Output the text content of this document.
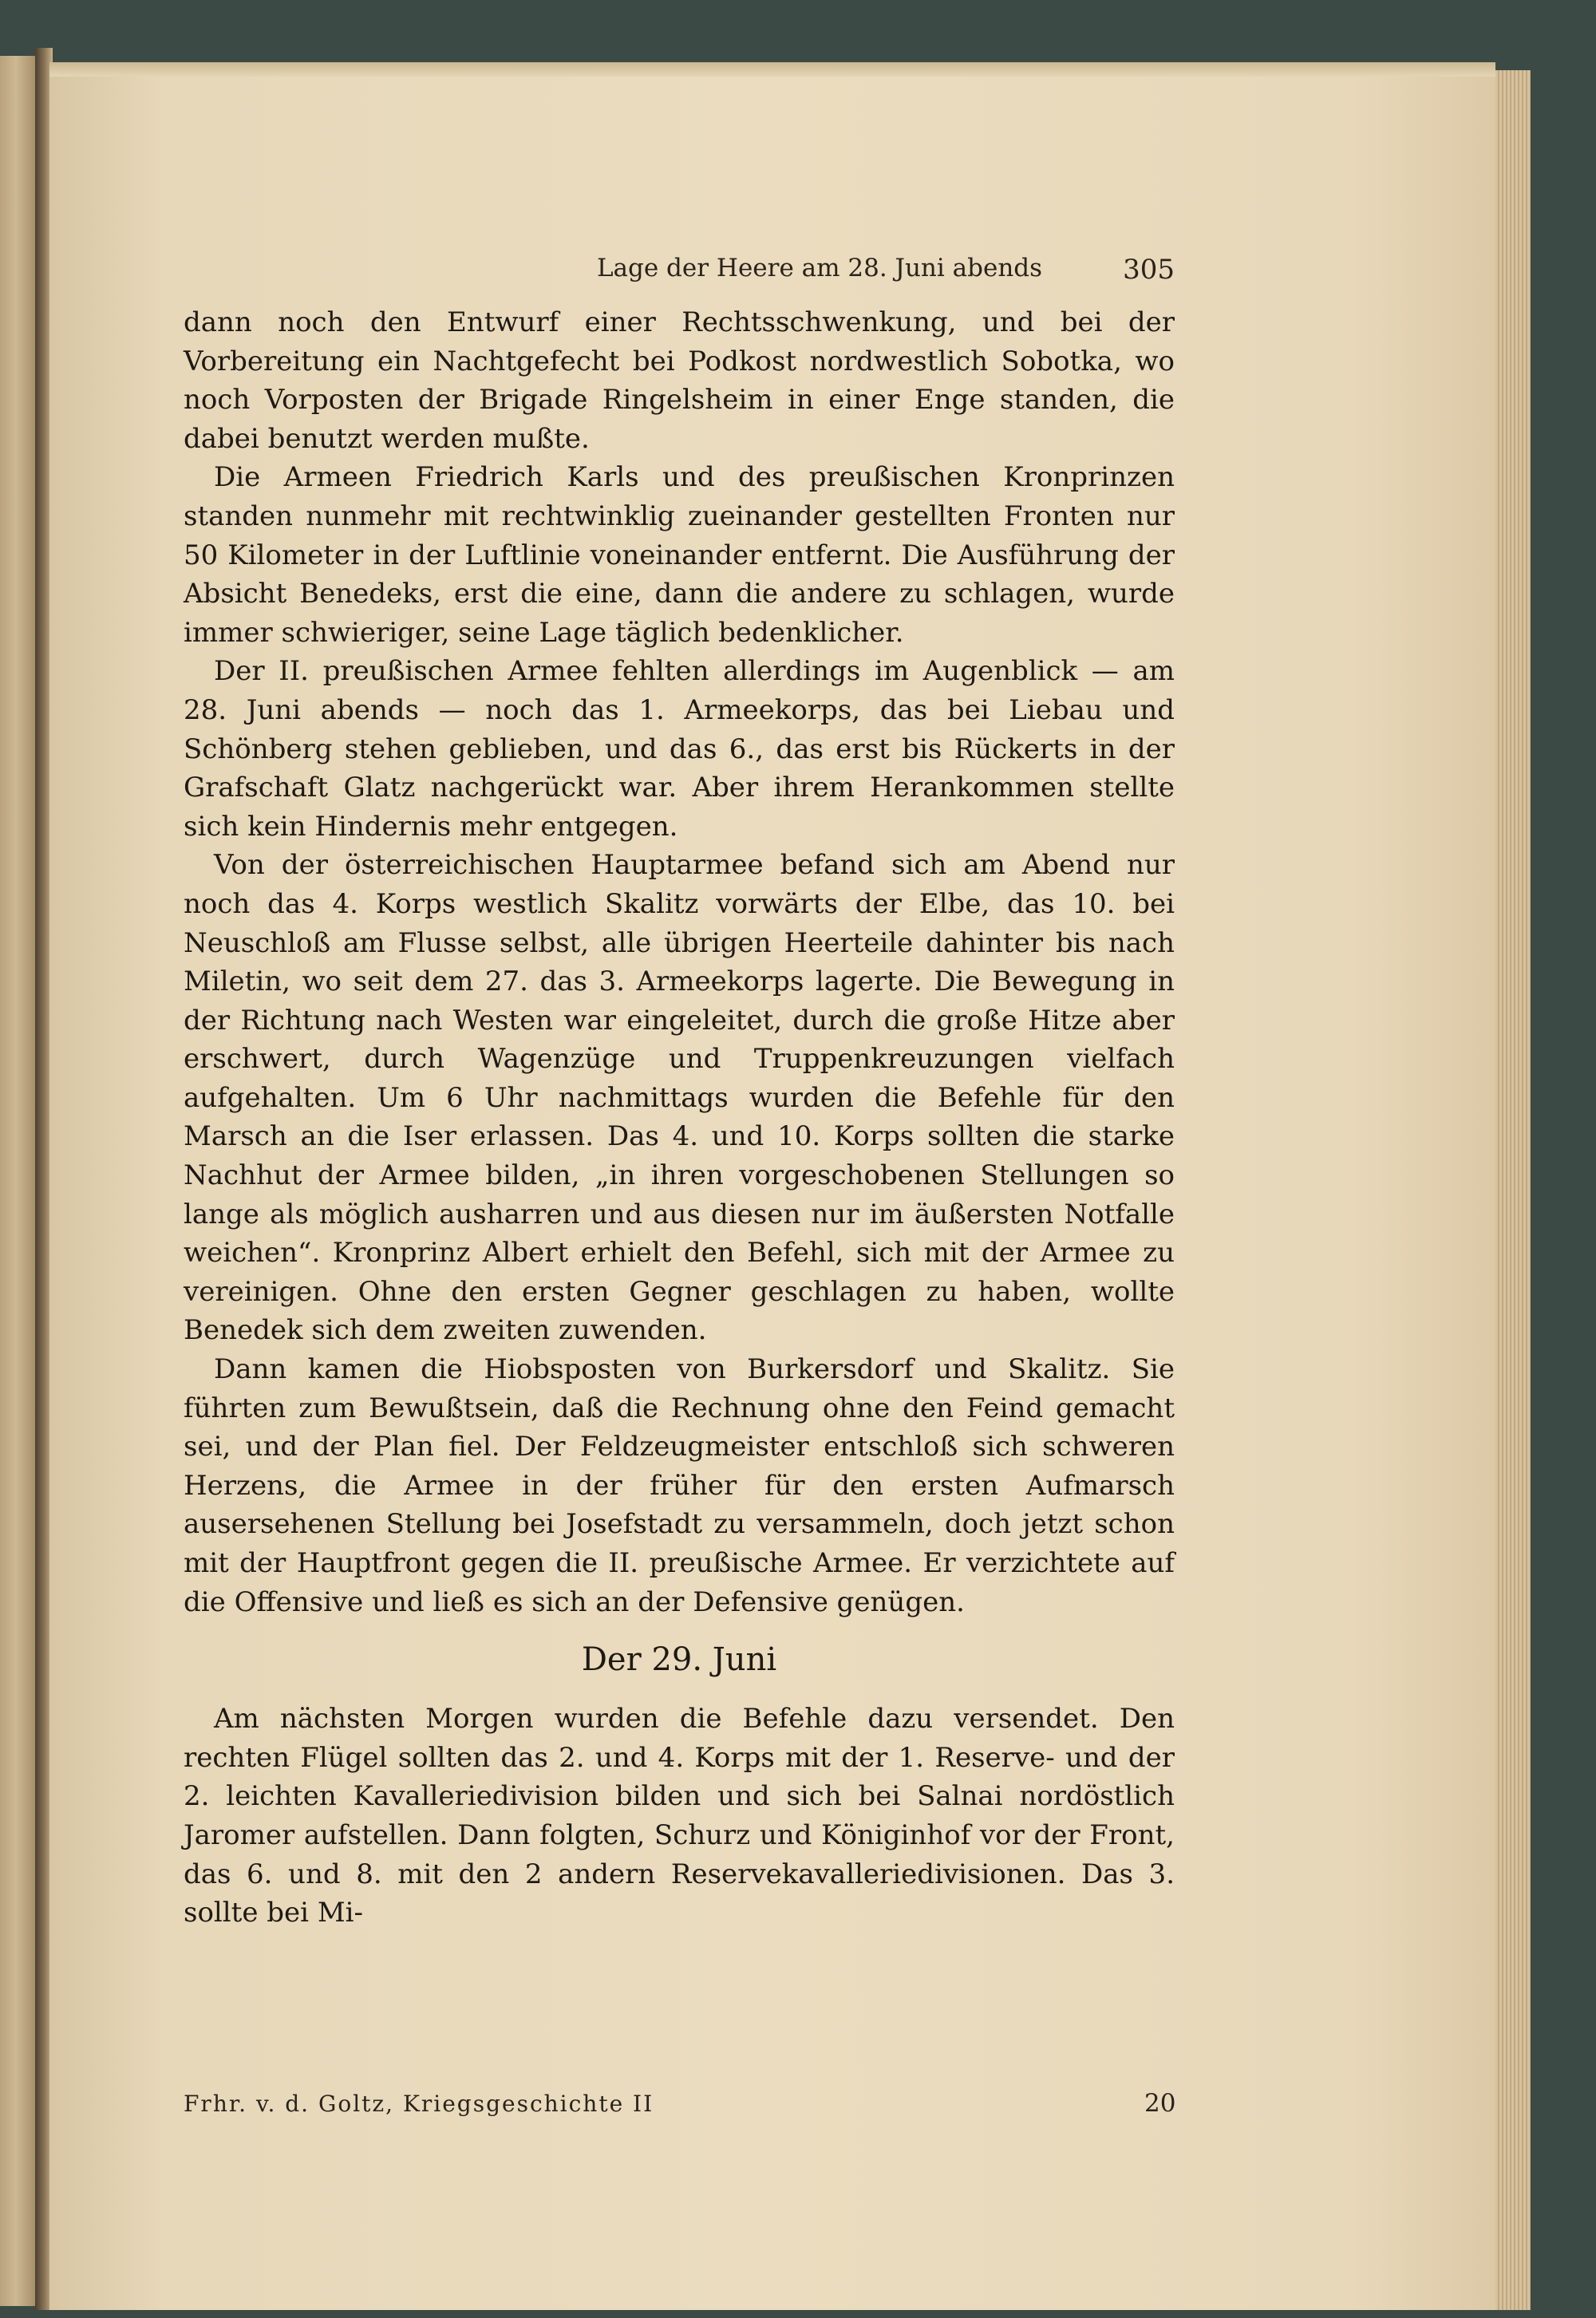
Lage der Heere am 28. Juni abends	305

dann noch den Entwurf einer Rechtsschwenkung, und bei der Vorbereitung ein Nachtgefecht bei Podkost nordwestlich Sobotka, wo noch Vorposten der Brigade Ringelsheim in einer Enge standen, die dabei benutzt werden mußte.

Die Armeen Friedrich Karls und des preußischen Kronprinzen standen nunmehr mit rechtwinklig zueinander gestellten Fronten nur 50 Kilometer in der Luftlinie voneinander entfernt. Die Ausführung der Absicht Benedeks, erst die eine, dann die andere zu schlagen, wurde immer schwieriger, seine Lage täglich bedenklicher.

Der II. preußischen Armee fehlten allerdings im Augenblick — am 28. Juni abends — noch das 1. Armeekorps, das bei Liebau und Schönberg stehen geblieben, und das 6., das erst bis Rückerts in der Grafschaft Glatz nachgerückt war. Aber ihrem Herankommen stellte sich kein Hindernis mehr entgegen.

Von der österreichischen Hauptarmee befand sich am Abend nur noch das 4. Korps westlich Skalitz vorwärts der Elbe, das 10. bei Neuschloß am Flusse selbst, alle übrigen Heerteile dahinter bis nach Miletin, wo seit dem 27. das 3. Armeekorps lagerte. Die Bewegung in der Richtung nach Westen war eingeleitet, durch die große Hitze aber erschwert, durch Wagenzüge und Truppenkreuzungen vielfach aufgehalten. Um 6 Uhr nachmittags wurden die Befehle für den Marsch an die Iser erlassen. Das 4. und 10. Korps sollten die starke Nachhut der Armee bilden, „in ihren vorgeschobenen Stellungen so lange als möglich ausharren und aus diesen nur im äußersten Notfalle weichen“. Kronprinz Albert erhielt den Befehl, sich mit der Armee zu vereinigen. Ohne den ersten Gegner geschlagen zu haben, wollte Benedek sich dem zweiten zuwenden.

Dann kamen die Hiobsposten von Burkersdorf und Skalitz. Sie führten zum Bewußtsein, daß die Rechnung ohne den Feind gemacht sei, und der Plan fiel. Der Feldzeugmeister entschloß sich schweren Herzens, die Armee in der früher für den ersten Aufmarsch ausersehenen Stellung bei Josefstadt zu versammeln, doch jetzt schon mit der Hauptfront gegen die II. preußische Armee. Er verzichtete auf die Offensive und ließ es sich an der Defensive genügen.

Der 29. Juni

Am nächsten Morgen wurden die Befehle dazu versendet. Den rechten Flügel sollten das 2. und 4. Korps mit der 1. Reserve- und der 2. leichten Kavalleriedivision bilden und sich bei Salnai nordöstlich Jaromer aufstellen. Dann folgten, Schurz und Königinhof vor der Front, das 6. und 8. mit den 2 andern Reservekavalleriedivisionen. Das 3. sollte bei Mi-

Frhr. v. d. Goltz, Kriegsgeschichte II	20
